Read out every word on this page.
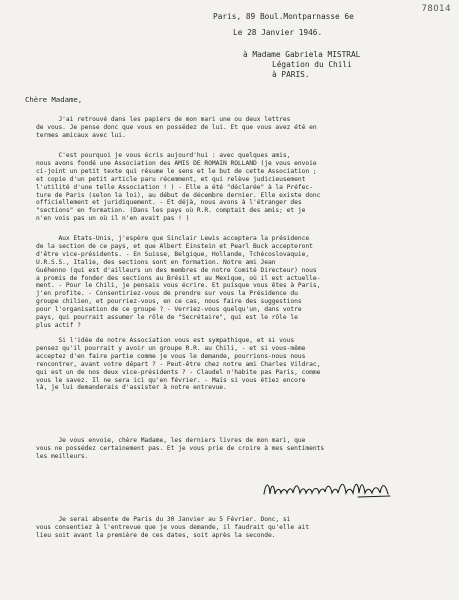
78014
Paris, 89 Boul.Montparnasse 6e
Le 28 Janvier 1946.
à Madame Gabriela MISTRAL
Légation du Chili
à PARIS.
Chère Madame,
J'ai retrouvé dans les papiers de mon mari une ou deux lettres
de vous. Je pense donc que vous en possédez de lui. Et que vous avez été en
termes amicaux avec lui.
C'est pourquoi je vous écris aujourd'hui : avec quelques amis,
nous avons fondé une Association des AMIS DE ROMAIN ROLLAND (je vous envoie
ci-joint un petit texte qui résume le sens et le but de cette Association ;
et copie d'un petit article paru récemment, et qui relève judicieusement
l'utilité d'une telle Association ! ) - Elle a été "déclarée" à la Préfec-
ture de Paris (selon la loi), au début de décembre dernier. Elle existe donc
officiellement et juridiquement. - Et déjà, nous avons à l'étranger des
"sections" en formation. (Dans les pays où R.R. comptait des amis; et je
n'en vois pas un où il n'en avait pas ! )
Aux Etats-Unis, j'espère que Sinclair Lewis acceptera la présidence
de la section de ce pays, et que Albert Einstein et Pearl Buck accepteront
d'être vice-présidents. - En Suisse, Belgique, Hollande, Tchécoslovaquie,
U.R.S.S., Italie, des sections sont en formation. Notre ami Jean
Guéhenno (qui est d'ailleurs un des membres de notre Comité Directeur) nous
a promis de fonder des sections au Brésil et au Mexique, où il est actuelle-
ment. - Pour le Chili, je pensais vous écrire. Et puisque vous êtes à Paris,
j'en profite. - Consentiriez-vous de prendre sur vous la Présidence du
groupe chilien, et pourriez-vous, en ce cas, nous faire des suggestions
pour l'organisation de ce groupe ? - Verriez-vous quelqu'un, dans votre
pays, qui pourrait assumer le rôle de "Secrétaire", qui est le rôle le
plus actif ?
Si l'idée de notre Association vous est sympathique, et si vous
pensez qu'il pourrait y avoir un groupe R.R. au Chili, - et si vous-même
acceptez d'en faire partie comme je vous le demande, pourrions-nous nous
rencontrer, avant votre départ ? - Peut-être chez notre ami Charles Vildrac,
qui est un de nos deux vice-présidents ? - Claudel n'habite pas Paris, comme
vous le savez. Il ne sera ici qu'en février. - Mais si vous étiez encore
là, je lui demanderais d'assister à notre entrevue.
Je vous envoie, chère Madame, les derniers livres de mon mari, que
vous ne possédez certainement pas. Et je vous prie de croire à mes sentiments
les meilleurs.
Je serai absente de Paris du 30 Janvier au 5 Février. Donc, si
vous consentiez à l'entrevue que je vous demande, il faudrait qu'elle ait
lieu soit avant la première de ces dates, soit après la seconde.
